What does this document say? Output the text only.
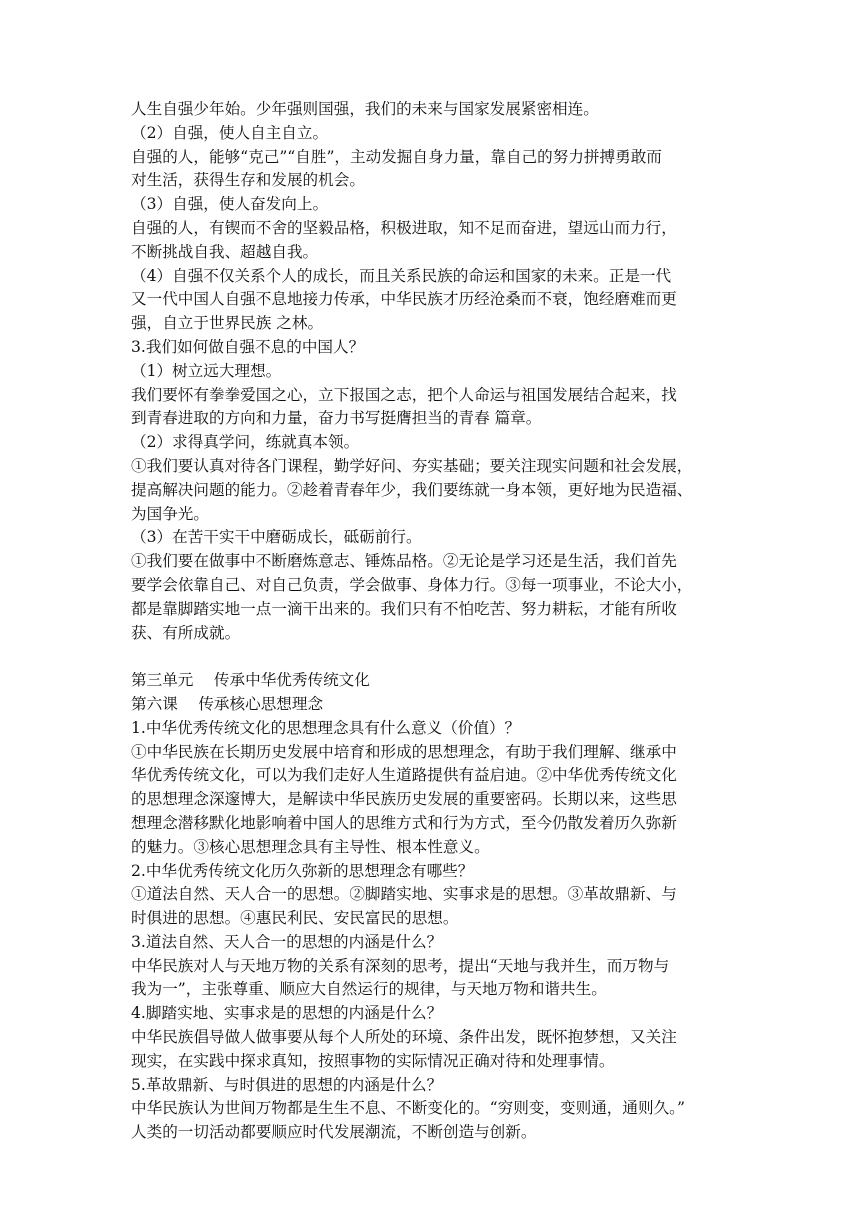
人生自强少年始。少年强则国强，我们的未来与国家发展紧密相连。
（2）自强，使人自主自立。
自强的人，能够“克己”“自胜”，主动发掘自身力量，靠自己的努力拼搏勇敢而
对生活，获得生存和发展的机会。
（3）自强，使人奋发向上。
自强的人，有锲而不舍的坚毅品格，积极进取，知不足而奋进，望远山而力行，
不断挑战自我、超越自我。
（4）自强不仅关系个人的成长，而且关系民族的命运和国家的未来。正是一代
又一代中国人自强不息地接力传承，中华民族才历经沧桑而不衰，饱经磨难而更
强，自立于世界民族 之林。
3.我们如何做自强不息的中国人？
（1）树立远大理想。
我们要怀有拳拳爱国之心，立下报国之志，把个人命运与祖国发展结合起来，找
到青春进取的方向和力量，奋力书写挺膺担当的青春 篇章。
（2）求得真学问，练就真本领。
①我们要认真对待各门课程，勤学好问、夯实基础；要关注现实问题和社会发展，
提高解决问题的能力。②趁着青春年少，我们要练就一身本领，更好地为民造福、
为国争光。
（3）在苦干实干中磨砺成长，砥砺前行。
①我们要在做事中不断磨炼意志、锤炼品格。②无论是学习还是生活，我们首先
要学会依靠自己、对自己负责，学会做事、身体力行。③每一项事业，不论大小，
都是靠脚踏实地一点一滴干出来的。我们只有不怕吃苦、努力耕耘，才能有所收
获、有所成就。
第三单元　 传承中华优秀传统文化
第六课　 传承核心思想理念
1.中华优秀传统文化的思想理念具有什么意义（价值）？
①中华民族在长期历史发展中培育和形成的思想理念，有助于我们理解、继承中
华优秀传统文化，可以为我们走好人生道路提供有益启迪。②中华优秀传统文化
的思想理念深邃博大，是解读中华民族历史发展的重要密码。长期以来，这些思
想理念潜移默化地影响着中国人的思维方式和行为方式，至今仍散发着历久弥新
的魅力。③核心思想理念具有主导性、根本性意义。
2.中华优秀传统文化历久弥新的思想理念有哪些？
①道法自然、天人合一的思想。②脚踏实地、实事求是的思想。③革故鼎新、与
时俱进的思想。④惠民利民、安民富民的思想。
3.道法自然、天人合一的思想的内涵是什么？
中华民族对人与天地万物的关系有深刻的思考，提出“天地与我并生，而万物与
我为一”，主张尊重、顺应大自然运行的规律，与天地万物和谐共生。
4.脚踏实地、实事求是的思想的内涵是什么？
中华民族倡导做人做事要从每个人所处的环境、条件出发，既怀抱梦想，又关注
现实，在实践中探求真知，按照事物的实际情况正确对待和处理事情。
5.革故鼎新、与时俱进的思想的内涵是什么？
中华民族认为世间万物都是生生不息、不断变化的。“穷则变，变则通，通则久。”
人类的一切活动都要顺应时代发展潮流，不断创造与创新。
